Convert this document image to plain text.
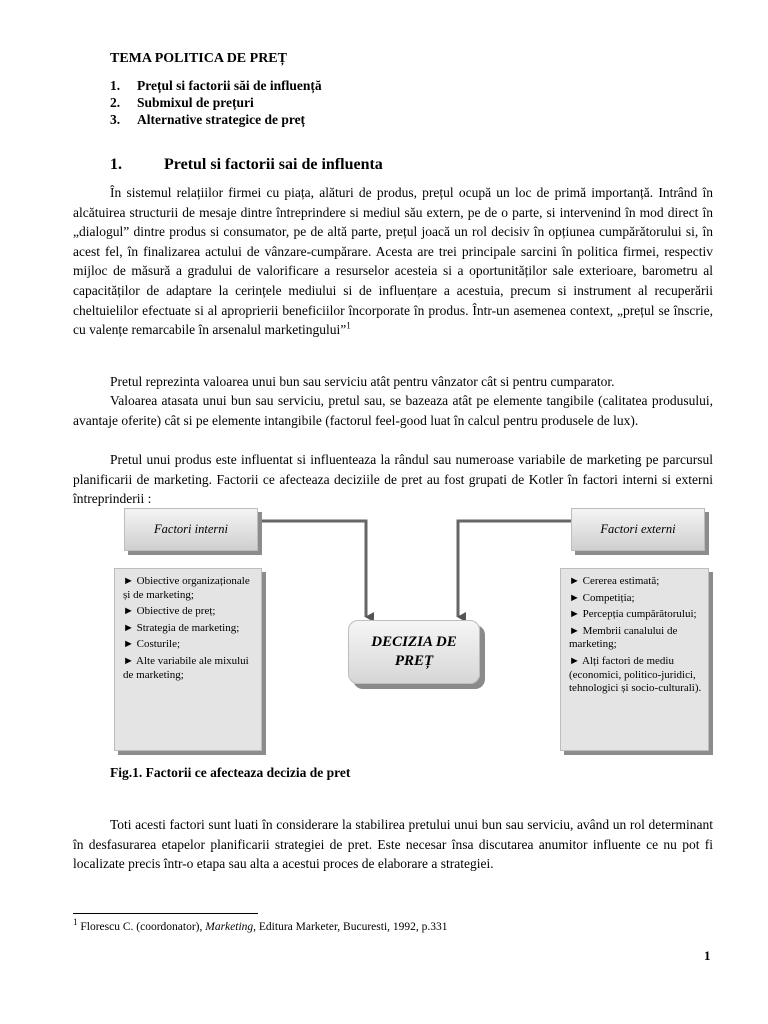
TEMA POLITICA DE PREȚ
1.	Prețul si factorii săi de influență
2.	Submixul de prețuri
3.	Alternative strategice de preț
1.	Pretul si factorii sai de influenta

În sistemul relațiilor firmei cu piața, alături de produs, prețul ocupă un loc de primă importanță. Intrând în alcătuirea structurii de mesaje dintre întreprindere si mediul său extern, pe de o parte, si intervenind în mod direct în „dialogul” dintre produs si consumator, pe de altă parte, prețul joacă un rol decisiv în opțiunea cumpărătorului si, în acest fel, în finalizarea actului de vânzare-cumpărare. Acesta are trei principale sarcini în politica firmei, respectiv mijloc de măsură a gradului de valorificare a resurselor acesteia si a oportunităților sale exterioare, barometru al capacităților de adaptare la cerințele mediului si de influențare a acestuia, precum si instrument al recuperării cheltuielilor efectuate si al aproprierii beneficiilor încorporate în produs. Într-un asemenea context, „prețul se înscrie, cu valențe remarcabile în arsenalul marketingului”$^1$

Pretul reprezinta valoarea unui bun sau serviciu atât pentru vânzator cât si pentru cumparator.

Valoarea atasata unui bun sau serviciu, pretul sau, se bazeaza atât pe elemente tangibile (calitatea produsului, avantaje oferite) cât si pe elemente intangibile (factorul feel-good luat în calcul pentru produsele de lux).

Pretul unui produs este influentat si influenteaza la rândul sau numeroase variabile de marketing pe parcursul planificarii de marketing. Factorii ce afecteaza deciziile de pret au fost grupati de Kotler în factori interni si externi întreprinderii :

Factori interni	Factori externi
► Obiective organizaționale și de marketing;
► Obiective de preț;
► Strategia de marketing;
► Costurile;
► Alte variabile ale mixului de marketing;
► Cererea estimată;
► Competiția;
► Percepția cumpărătorului;
► Membrii canalului de marketing;
► Alți factori de mediu (economici, politico-juridici, tehnologici și socio-culturali).
DECIZIA DE
PREȚ
Fig.1. Factorii ce afecteaza decizia de pret

Toti acesti factori sunt luati în considerare la stabilirea pretului unui bun sau serviciu, având un rol determinant în desfasurarea etapelor planificarii strategiei de pret. Este necesar însa discutarea anumitor influente ce nu pot fi localizate precis într-o etapa sau alta a acestui proces de elaborare a strategiei.

$^1$ Florescu C. (coordonator), Marketing, Editura Marketer, Bucuresti, 1992, p.331
1
